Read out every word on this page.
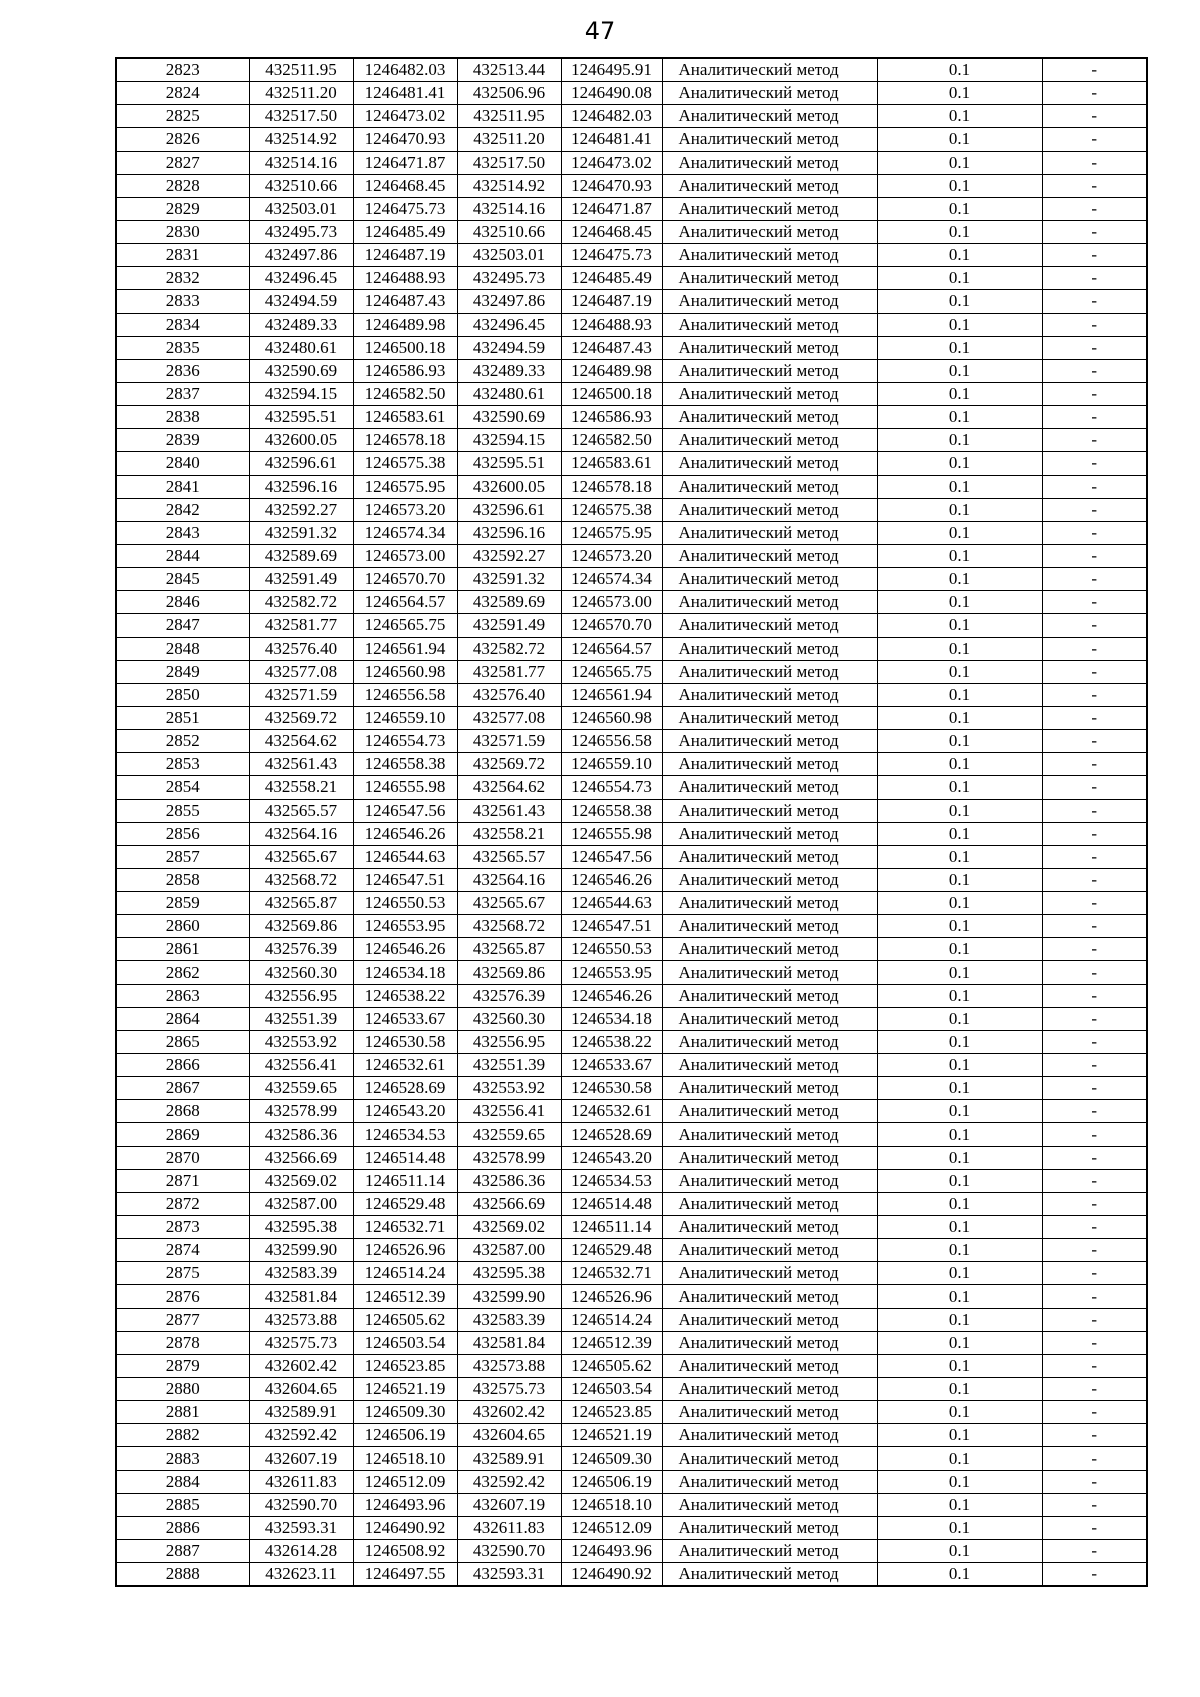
47
2823	432511.95	1246482.03	432513.44	1246495.91	Аналитический метод	0.1	-
2824	432511.20	1246481.41	432506.96	1246490.08	Аналитический метод	0.1	-
2825	432517.50	1246473.02	432511.95	1246482.03	Аналитический метод	0.1	-
2826	432514.92	1246470.93	432511.20	1246481.41	Аналитический метод	0.1	-
2827	432514.16	1246471.87	432517.50	1246473.02	Аналитический метод	0.1	-
2828	432510.66	1246468.45	432514.92	1246470.93	Аналитический метод	0.1	-
2829	432503.01	1246475.73	432514.16	1246471.87	Аналитический метод	0.1	-
2830	432495.73	1246485.49	432510.66	1246468.45	Аналитический метод	0.1	-
2831	432497.86	1246487.19	432503.01	1246475.73	Аналитический метод	0.1	-
2832	432496.45	1246488.93	432495.73	1246485.49	Аналитический метод	0.1	-
2833	432494.59	1246487.43	432497.86	1246487.19	Аналитический метод	0.1	-
2834	432489.33	1246489.98	432496.45	1246488.93	Аналитический метод	0.1	-
2835	432480.61	1246500.18	432494.59	1246487.43	Аналитический метод	0.1	-
2836	432590.69	1246586.93	432489.33	1246489.98	Аналитический метод	0.1	-
2837	432594.15	1246582.50	432480.61	1246500.18	Аналитический метод	0.1	-
2838	432595.51	1246583.61	432590.69	1246586.93	Аналитический метод	0.1	-
2839	432600.05	1246578.18	432594.15	1246582.50	Аналитический метод	0.1	-
2840	432596.61	1246575.38	432595.51	1246583.61	Аналитический метод	0.1	-
2841	432596.16	1246575.95	432600.05	1246578.18	Аналитический метод	0.1	-
2842	432592.27	1246573.20	432596.61	1246575.38	Аналитический метод	0.1	-
2843	432591.32	1246574.34	432596.16	1246575.95	Аналитический метод	0.1	-
2844	432589.69	1246573.00	432592.27	1246573.20	Аналитический метод	0.1	-
2845	432591.49	1246570.70	432591.32	1246574.34	Аналитический метод	0.1	-
2846	432582.72	1246564.57	432589.69	1246573.00	Аналитический метод	0.1	-
2847	432581.77	1246565.75	432591.49	1246570.70	Аналитический метод	0.1	-
2848	432576.40	1246561.94	432582.72	1246564.57	Аналитический метод	0.1	-
2849	432577.08	1246560.98	432581.77	1246565.75	Аналитический метод	0.1	-
2850	432571.59	1246556.58	432576.40	1246561.94	Аналитический метод	0.1	-
2851	432569.72	1246559.10	432577.08	1246560.98	Аналитический метод	0.1	-
2852	432564.62	1246554.73	432571.59	1246556.58	Аналитический метод	0.1	-
2853	432561.43	1246558.38	432569.72	1246559.10	Аналитический метод	0.1	-
2854	432558.21	1246555.98	432564.62	1246554.73	Аналитический метод	0.1	-
2855	432565.57	1246547.56	432561.43	1246558.38	Аналитический метод	0.1	-
2856	432564.16	1246546.26	432558.21	1246555.98	Аналитический метод	0.1	-
2857	432565.67	1246544.63	432565.57	1246547.56	Аналитический метод	0.1	-
2858	432568.72	1246547.51	432564.16	1246546.26	Аналитический метод	0.1	-
2859	432565.87	1246550.53	432565.67	1246544.63	Аналитический метод	0.1	-
2860	432569.86	1246553.95	432568.72	1246547.51	Аналитический метод	0.1	-
2861	432576.39	1246546.26	432565.87	1246550.53	Аналитический метод	0.1	-
2862	432560.30	1246534.18	432569.86	1246553.95	Аналитический метод	0.1	-
2863	432556.95	1246538.22	432576.39	1246546.26	Аналитический метод	0.1	-
2864	432551.39	1246533.67	432560.30	1246534.18	Аналитический метод	0.1	-
2865	432553.92	1246530.58	432556.95	1246538.22	Аналитический метод	0.1	-
2866	432556.41	1246532.61	432551.39	1246533.67	Аналитический метод	0.1	-
2867	432559.65	1246528.69	432553.92	1246530.58	Аналитический метод	0.1	-
2868	432578.99	1246543.20	432556.41	1246532.61	Аналитический метод	0.1	-
2869	432586.36	1246534.53	432559.65	1246528.69	Аналитический метод	0.1	-
2870	432566.69	1246514.48	432578.99	1246543.20	Аналитический метод	0.1	-
2871	432569.02	1246511.14	432586.36	1246534.53	Аналитический метод	0.1	-
2872	432587.00	1246529.48	432566.69	1246514.48	Аналитический метод	0.1	-
2873	432595.38	1246532.71	432569.02	1246511.14	Аналитический метод	0.1	-
2874	432599.90	1246526.96	432587.00	1246529.48	Аналитический метод	0.1	-
2875	432583.39	1246514.24	432595.38	1246532.71	Аналитический метод	0.1	-
2876	432581.84	1246512.39	432599.90	1246526.96	Аналитический метод	0.1	-
2877	432573.88	1246505.62	432583.39	1246514.24	Аналитический метод	0.1	-
2878	432575.73	1246503.54	432581.84	1246512.39	Аналитический метод	0.1	-
2879	432602.42	1246523.85	432573.88	1246505.62	Аналитический метод	0.1	-
2880	432604.65	1246521.19	432575.73	1246503.54	Аналитический метод	0.1	-
2881	432589.91	1246509.30	432602.42	1246523.85	Аналитический метод	0.1	-
2882	432592.42	1246506.19	432604.65	1246521.19	Аналитический метод	0.1	-
2883	432607.19	1246518.10	432589.91	1246509.30	Аналитический метод	0.1	-
2884	432611.83	1246512.09	432592.42	1246506.19	Аналитический метод	0.1	-
2885	432590.70	1246493.96	432607.19	1246518.10	Аналитический метод	0.1	-
2886	432593.31	1246490.92	432611.83	1246512.09	Аналитический метод	0.1	-
2887	432614.28	1246508.92	432590.70	1246493.96	Аналитический метод	0.1	-
2888	432623.11	1246497.55	432593.31	1246490.92	Аналитический метод	0.1	-
